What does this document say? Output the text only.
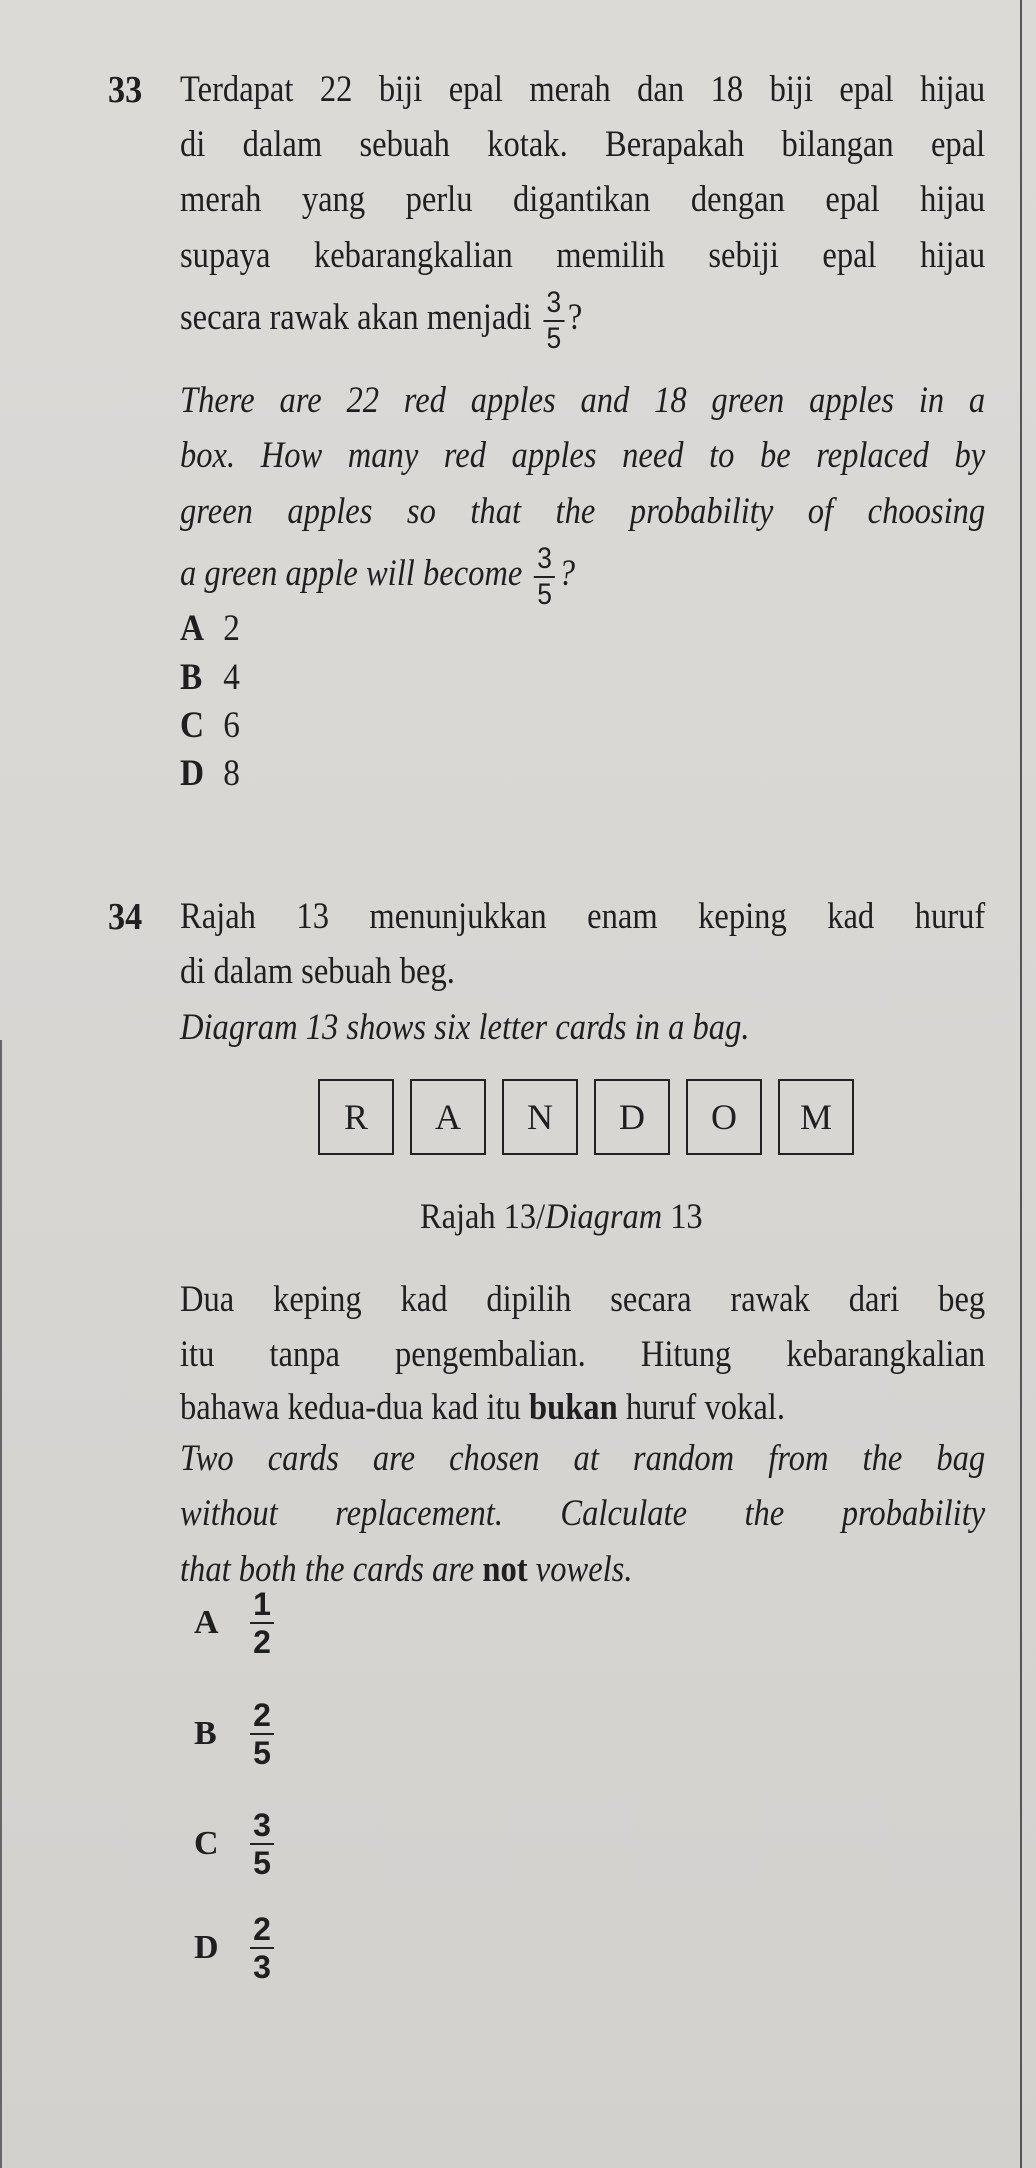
33 Terdapat 22 biji epal merah dan 18 biji epal hijau
di dalam sebuah kotak. Berapakah bilangan epal
merah yang perlu digantikan dengan epal hijau
supaya kebarangkalian memilih sebiji epal hijau
secara rawak akan menjadi $\frac{3}{5}$ ?
There are 22 red apples and 18 green apples in a
box. How many red apples need to be replaced by
green apples so that the probability of choosing
a green apple will become $\frac{3}{5}$ ?
A 2
B 4
C 6
D 8
34 Rajah 13 menunjukkan enam keping kad huruf
di dalam sebuah beg.
Diagram 13 shows six letter cards in a bag.
R	A	N	D	O	M
Rajah 13/Diagram 13
Dua keping kad dipilih secara rawak dari beg
itu tanpa pengembalian. Hitung kebarangkalian
bahawa kedua-dua kad itu bukan huruf vokal.
Two cards are chosen at random from the bag
without replacement. Calculate the probability
that both the cards are not vowels.
A $\frac{1}{2}$
B	$\frac{2}{5}$
C $\frac{3}{5}$
D $\frac{2}{3}$
